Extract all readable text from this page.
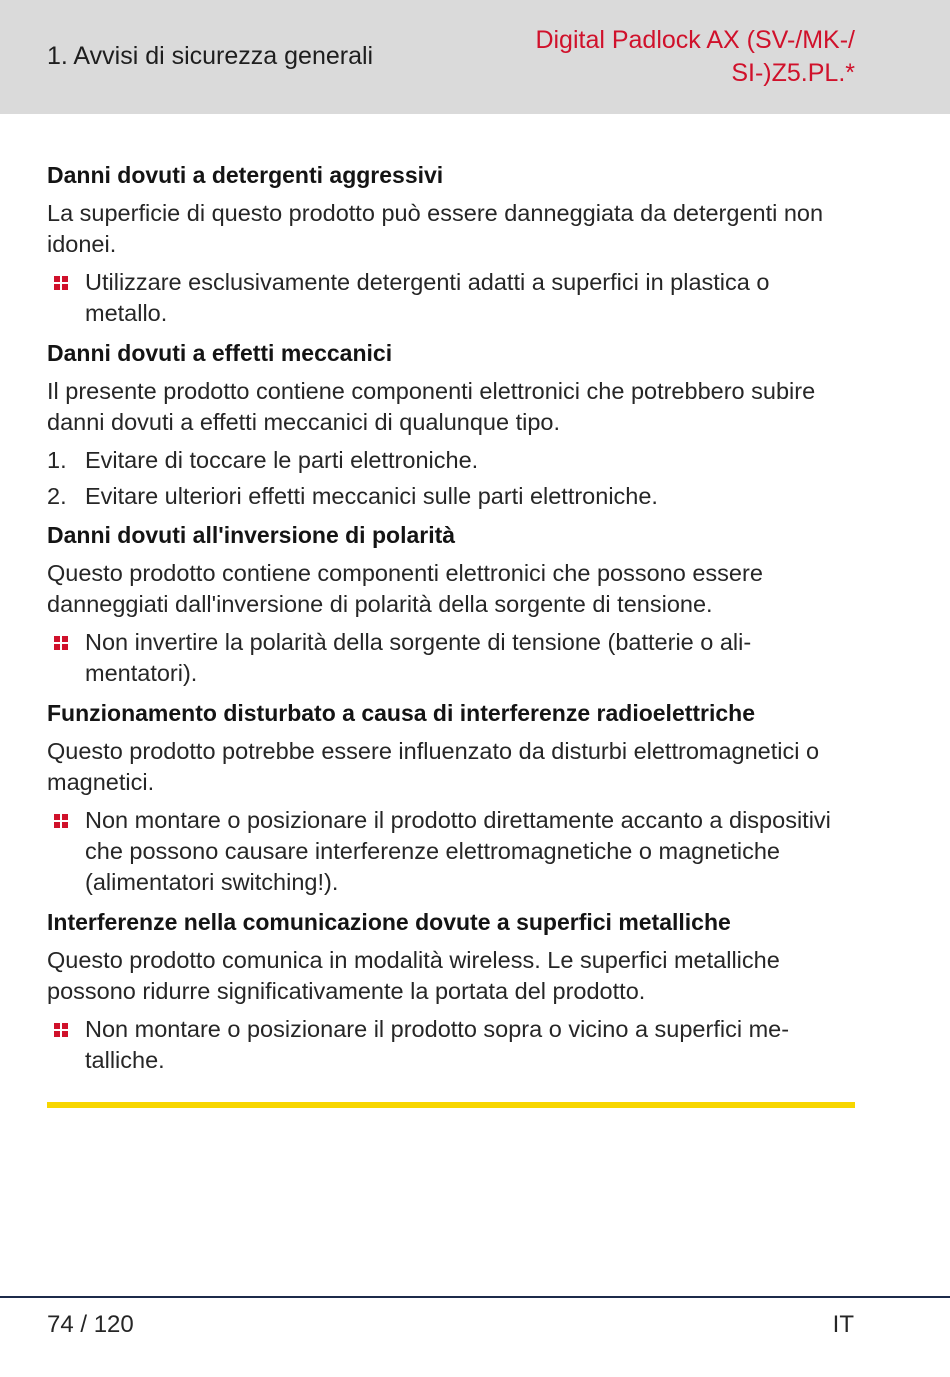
1. Avvisi di sicurezza generali
Digital Padlock AX (SV-/MK-/
SI-)Z5.PL.*
Danni dovuti a detergenti aggressivi
La superficie di questo prodotto può essere danneggiata da detergenti non idonei.
Utilizzare esclusivamente detergenti adatti a superfici in plastica o metallo.
Danni dovuti a effetti meccanici
Il presente prodotto contiene componenti elettronici che potrebbero subire danni dovuti a effetti meccanici di qualunque tipo.
1. Evitare di toccare le parti elettroniche.
2. Evitare ulteriori effetti meccanici sulle parti elettroniche.
Danni dovuti all'inversione di polarità
Questo prodotto contiene componenti elettronici che possono essere danneggiati dall'inversione di polarità della sorgente di tensione.
Non invertire la polarità della sorgente di tensione (batterie o alimentatori).
Funzionamento disturbato a causa di interferenze radioelettriche
Questo prodotto potrebbe essere influenzato da disturbi elettromagnetici o magnetici.
Non montare o posizionare il prodotto direttamente accanto a dispositivi che possono causare interferenze elettromagnetiche o magnetiche (alimentatori switching!).
Interferenze nella comunicazione dovute a superfici metalliche
Questo prodotto comunica in modalità wireless. Le superfici metalliche possono ridurre significativamente la portata del prodotto.
Non montare o posizionare il prodotto sopra o vicino a superfici metalliche.
74 / 120	IT
